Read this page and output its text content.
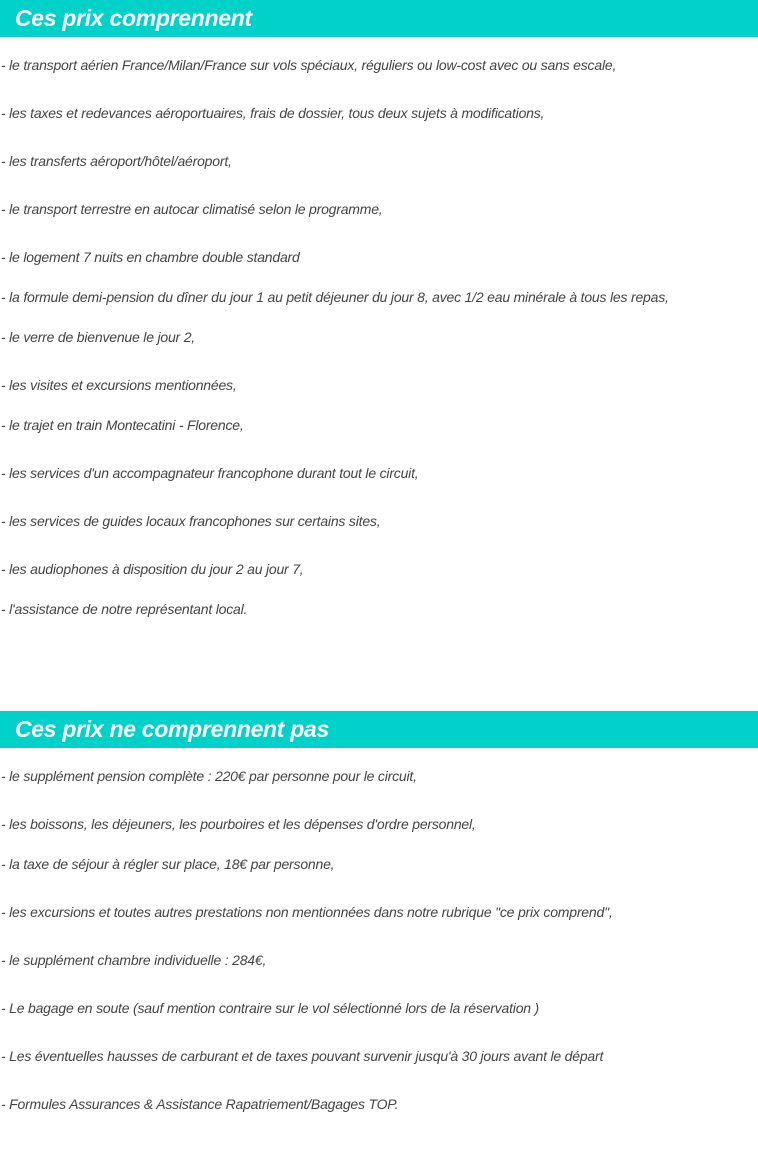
Ces prix comprennent

- le transport aérien France/Milan/France sur vols spéciaux, réguliers ou low-cost avec ou sans escale,

- les taxes et redevances aéroportuaires, frais de dossier, tous deux sujets à modifications,

- les transferts aéroport/hôtel/aéroport,

- le transport terrestre en autocar climatisé selon le programme,

- le logement 7 nuits en chambre double standard

- la formule demi-pension du dîner du jour 1 au petit déjeuner du jour 8, avec 1/2 eau minérale à tous les repas,

- le verre de bienvenue le jour 2,

- les visites et excursions mentionnées,

- le trajet en train Montecatini - Florence,

- les services d'un accompagnateur francophone durant tout le circuit,

- les services de guides locaux francophones sur certains sites,

- les audiophones à disposition du jour 2 au jour 7,

- l'assistance de notre représentant local.

Ces prix ne comprennent pas

- le supplément pension complète : 220€ par personne pour le circuit,

- les boissons, les déjeuners, les pourboires et les dépenses d'ordre personnel,

- la taxe de séjour à régler sur place, 18€ par personne,

- les excursions et toutes autres prestations non mentionnées dans notre rubrique "ce prix comprend",

- le supplément chambre individuelle : 284€,

- Le bagage en soute (sauf mention contraire sur le vol sélectionné lors de la réservation )

- Les éventuelles hausses de carburant et de taxes pouvant survenir jusqu'à 30 jours avant le départ

- Formules Assurances & Assistance Rapatriement/Bagages TOP.
